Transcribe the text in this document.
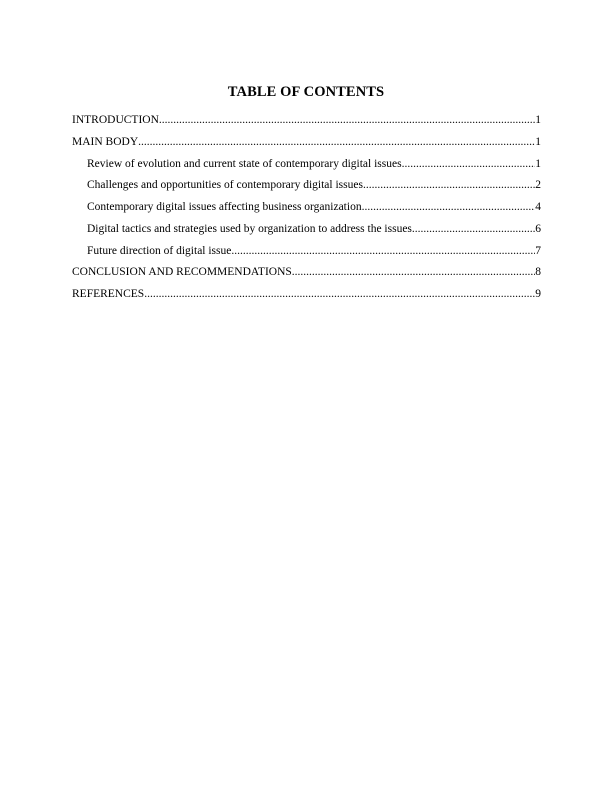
TABLE OF CONTENTS
INTRODUCTION .....	1
MAIN BODY .....	1
Review of evolution and current state of contemporary digital issues .....	1
Challenges and opportunities of contemporary digital issues .....	2
Contemporary digital issues affecting business organization .....	4
Digital tactics and strategies used by organization to address the issues .....	6
Future direction of digital issue .....	7
CONCLUSION AND RECOMMENDATIONS .....	8
REFERENCES .....	9
